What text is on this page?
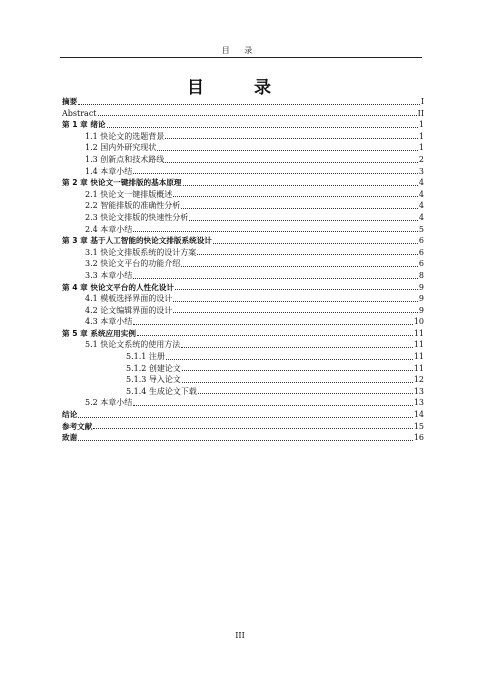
目 录
目 录
摘要	I
Abstract	II
第 1 章 绪论	1
1.1 快论文的选题背景	1
1.2 国内外研究现状	1
1.3 创新点和技术路线	2
1.4 本章小结	3
第 2 章 快论文一键排版的基本原理	4
2.1 快论文一键排版概述	4
2.2 智能排版的准确性分析	4
2.3 快论文排版的快速性分析	4
2.4 本章小结	5
第 3 章 基于人工智能的快论文排版系统设计	6
3.1 快论文排版系统的设计方案	6
3.2 快论文平台的功能介绍	6
3.3 本章小结	8
第 4 章 快论文平台的人性化设计	9
4.1 模板选择界面的设计	9
4.2 论文编辑界面的设计	9
4.3 本章小结	10
第 5 章 系统应用实例	11
5.1 快论文系统的使用方法	11
5.1.1 注册	11
5.1.2 创建论文	11
5.1.3 导入论文	12
5.1.4 生成论文下载	13
5.2 本章小结	13
结论	14
参考文献	15
致谢	16
III
